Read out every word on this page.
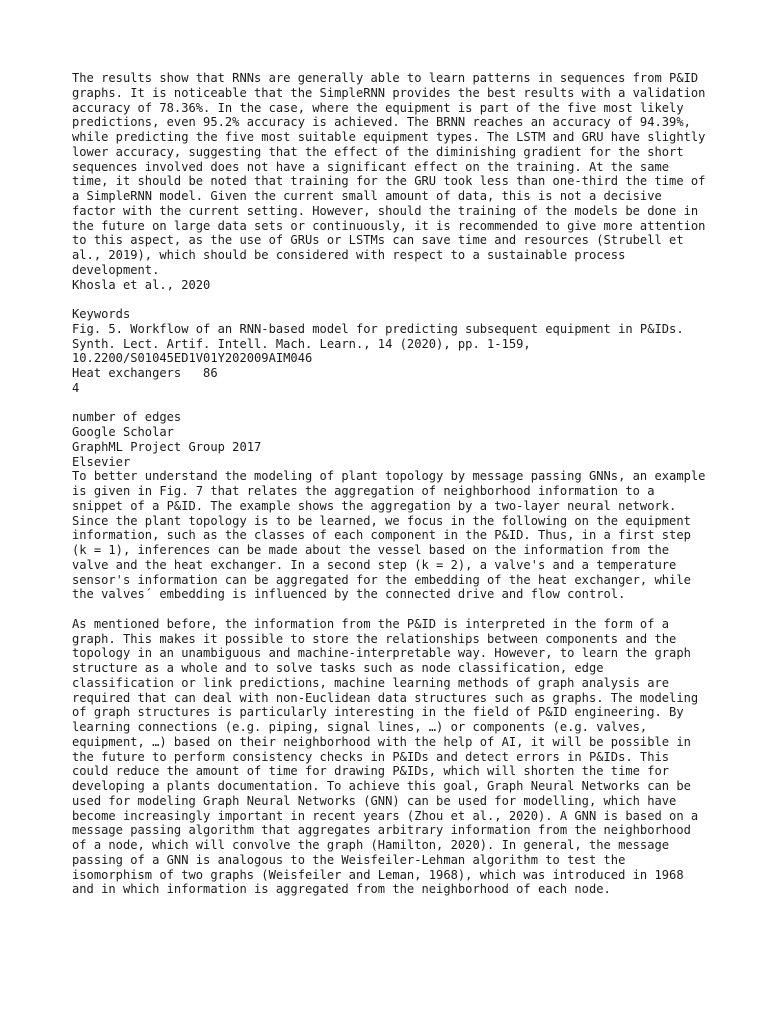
The results show that RNNs are generally able to learn patterns in sequences from P&ID graphs. It is noticeable that the SimpleRNN provides the best results with a validation accuracy of 78.36%. In the case, where the equipment is part of the five most likely predictions, even 95.2% accuracy is achieved. The BRNN reaches an accuracy of 94.39%, while predicting the five most suitable equipment types. The LSTM and GRU have slightly lower accuracy, suggesting that the effect of the diminishing gradient for the short sequences involved does not have a significant effect on the training. At the same time, it should be noted that training for the GRU took less than one-third the time of a SimpleRNN model. Given the current small amount of data, this is not a decisive factor with the current setting. However, should the training of the models be done in the future on large data sets or continuously, it is recommended to give more attention to this aspect, as the use of GRUs or LSTMs can save time and resources (Strubell et al., 2019), which should be considered with respect to a sustainable process development.

Khosla et al., 2020

Keywords

Fig. 5. Workflow of an RNN-based model for predicting subsequent equipment in P&IDs.

Synth. Lect. Artif. Intell. Mach. Learn., 14 (2020), pp. 1-159,

10.2200/S01045ED1V01Y202009AIM046

Heat exchangers   86

4

number of edges

Google Scholar

GraphML Project Group 2017

Elsevier

To better understand the modeling of plant topology by message passing GNNs, an example is given in Fig. 7 that relates the aggregation of neighborhood information to a snippet of a P&ID. The example shows the aggregation by a two-layer neural network. Since the plant topology is to be learned, we focus in the following on the equipment information, such as the classes of each component in the P&ID. Thus, in a first step (k = 1), inferences can be made about the vessel based on the information from the valve and the heat exchanger. In a second step (k = 2), a valve's and a temperature sensor's information can be aggregated for the embedding of the heat exchanger, while the valves´ embedding is influenced by the connected drive and flow control.

As mentioned before, the information from the P&ID is interpreted in the form of a graph. This makes it possible to store the relationships between components and the topology in an unambiguous and machine-interpretable way. However, to learn the graph structure as a whole and to solve tasks such as node classification, edge classification or link predictions, machine learning methods of graph analysis are required that can deal with non-Euclidean data structures such as graphs. The modeling of graph structures is particularly interesting in the field of P&ID engineering. By learning connections (e.g. piping, signal lines, …) or components (e.g. valves, equipment, …) based on their neighborhood with the help of AI, it will be possible in the future to perform consistency checks in P&IDs and detect errors in P&IDs. This could reduce the amount of time for drawing P&IDs, which will shorten the time for developing a plants documentation. To achieve this goal, Graph Neural Networks can be used for modeling Graph Neural Networks (GNN) can be used for modelling, which have become increasingly important in recent years (Zhou et al., 2020). A GNN is based on a message passing algorithm that aggregates arbitrary information from the neighborhood of a node, which will convolve the graph (Hamilton, 2020). In general, the message passing of a GNN is analogous to the Weisfeiler-Lehman algorithm to test the isomorphism of two graphs (Weisfeiler and Leman, 1968), which was introduced in 1968 and in which information is aggregated from the neighborhood of each node.
